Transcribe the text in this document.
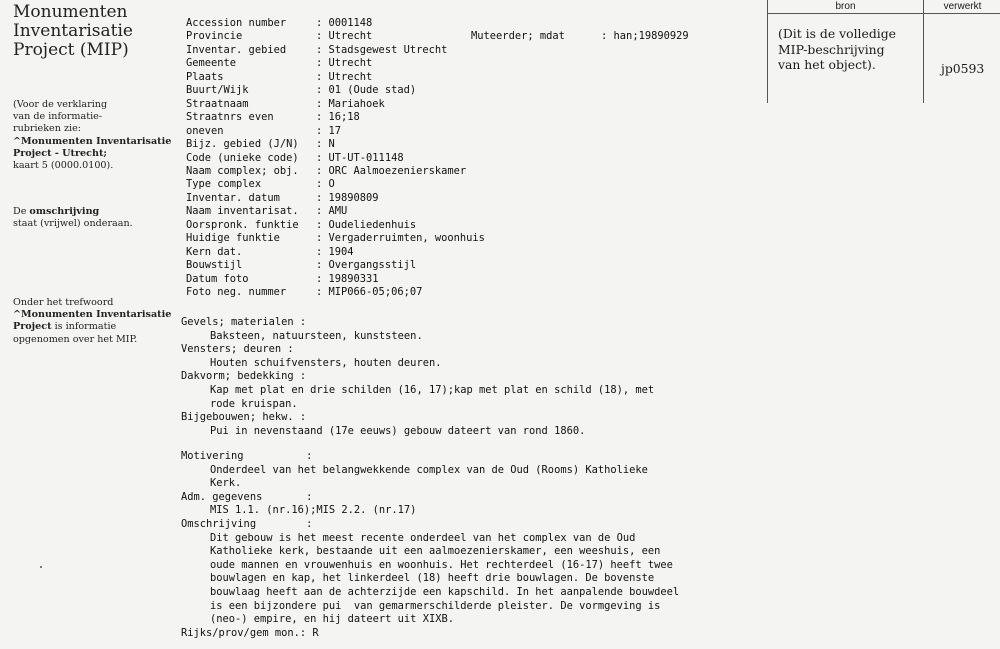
Monumenten
Inventarisatie
Project (MIP)
(Voor de verklaring
van de informatie-
rubrieken zie:
^Monumenten Inventarisatie
Project - Utrecht;
kaart 5 (0000.0100).
De omschrijving
staat (vrijwel) onderaan.
Onder het trefwoord
^Monumenten Inventarisatie
Project is informatie
opgenomen over het MIP.

Muteerder; mdat	: han;19890929

Accession number	: 0001148
Provincie	: Utrecht
Inventar. gebied	: Stadsgewest Utrecht
Gemeente	: Utrecht
Plaats	: Utrecht
Buurt/Wijk	: 01 (Oude stad)
Straatnaam	: Mariahoek
Straatnrs even	: 16;18
oneven	: 17
Bijz. gebied (J/N) : N
Code (unieke code) : UT-UT-011148
Naam complex; obj. : ORC Aalmoezenierskamer
Type complex	: O
Inventar. datum	: 19890809
Naam inventarisat. : AMU
Oorspronk. funktie : Oudeliedenhuis
Huidige funktie	: Vergaderruimten, woonhuis
Kern dat.	: 1904
Bouwstijl	: Overgangsstijl
Datum foto	: 19890331
Foto neg. nummer	: MIP066-05;06;07
Gevels; materialen :
Baksteen, natuursteen, kunststeen.
Vensters; deuren :
Houten schuifvensters, houten deuren.
Dakvorm; bedekking :
Kap met plat en drie schilden (16, 17);kap met plat en schild (18), met
rode kruispan.
Bijgebouwen; hekw. :
Pui in nevenstaand (17e eeuws) gebouw dateert van rond 1860.
Motivering          :
Onderdeel van het belangwekkende complex van de Oud (Rooms) Katholieke
Kerk.
Adm. gegevens       :
MIS 1.1. (nr.16);MIS 2.2. (nr.17)
Omschrijving        :
Dit gebouw is het meest recente onderdeel van het complex van de Oud
Katholieke kerk, bestaande uit een aalmoezenierskamer, een weeshuis, een
oude mannen en vrouwenhuis en woonhuis. Het rechterdeel (16-17) heeft twee
bouwlagen en kap, het linkerdeel (18) heeft drie bouwlagen. De bovenste
bouwlaag heeft aan de achterzijde een kapschild. In het aanpalende bouwdeel
is een bijzondere pui  van gemarmerschilderde pleister. De vormgeving is
(neo-) empire, en hij dateert uit XIXB.
Rijks/prov/gem mon.: R
bron	verwerkt
(Dit is de volledige
MIP-beschrijving
van het object).	jp0593
